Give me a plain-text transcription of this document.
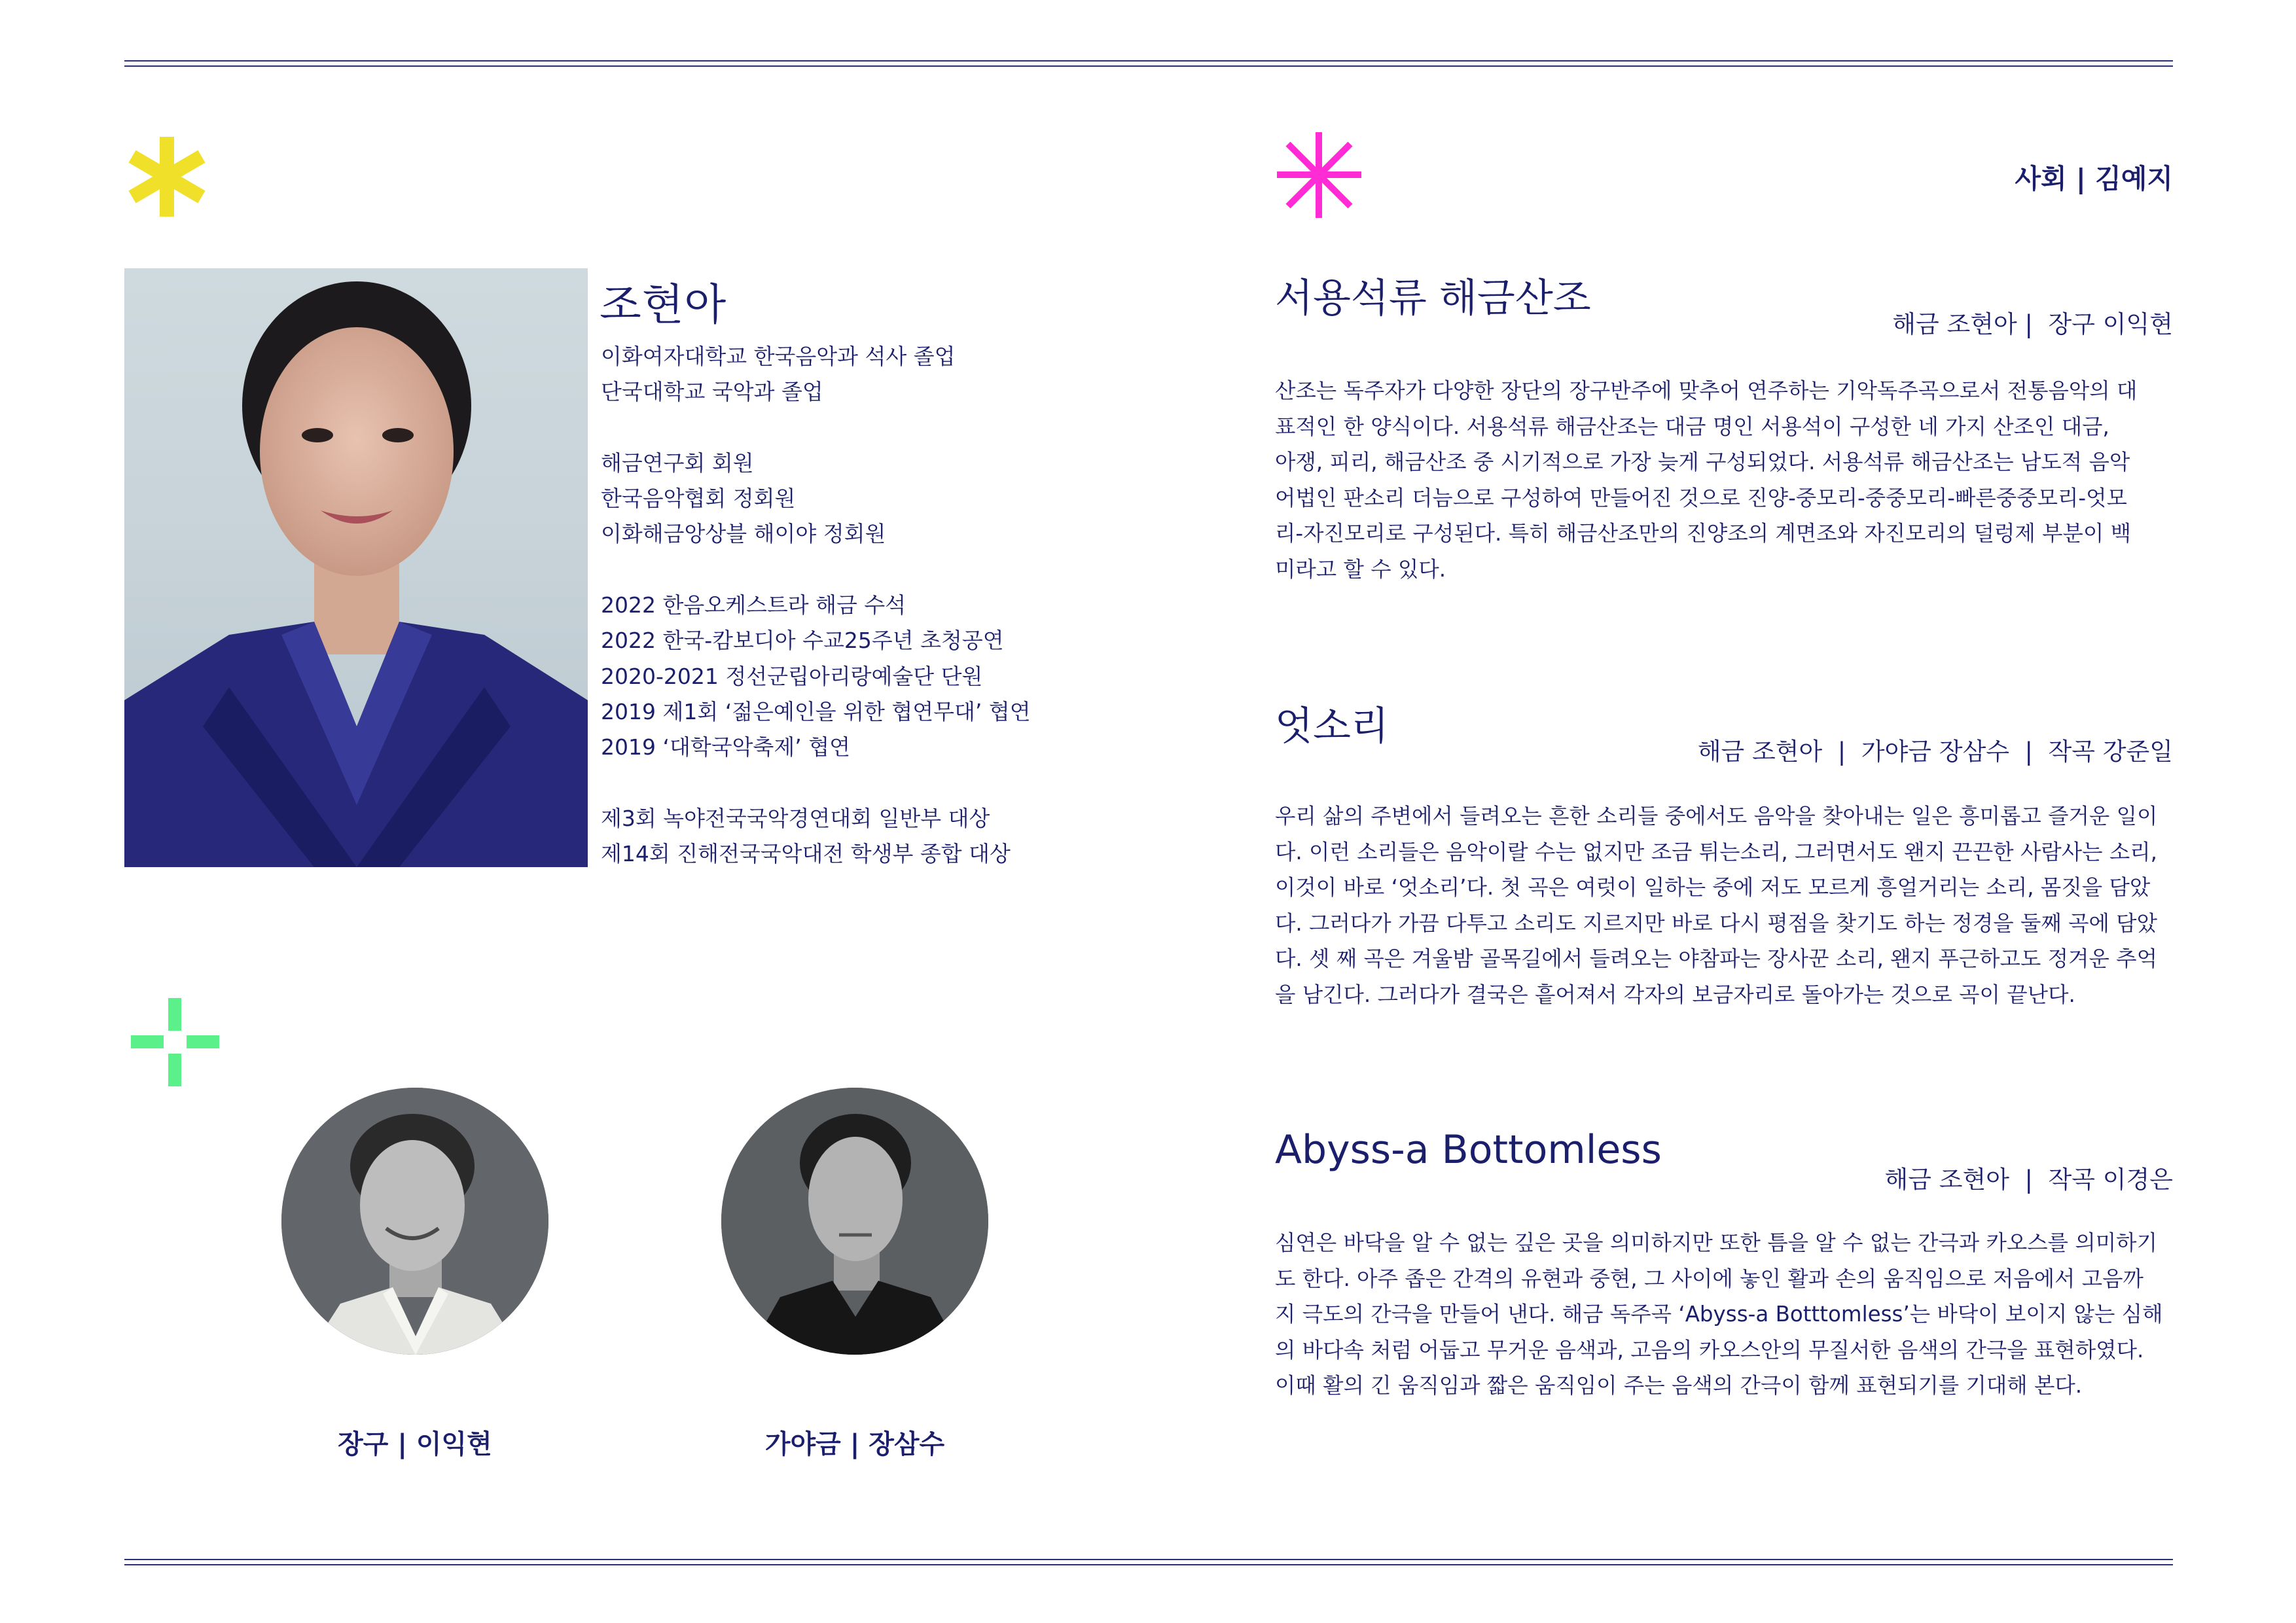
조현아
이화여자대학교 한국음악과 석사 졸업
단국대학교 국악과 졸업
해금연구회 회원
한국음악협회 정회원
이화해금앙상블 해이야 정회원
2022 한음오케스트라 해금 수석
2022 한국-캄보디아 수교25주년 초청공연
2020-2021 정선군립아리랑예술단 단원
2019 제1회 ‘젊은예인을 위한 협연무대’ 협연
2019 ‘대학국악축제’ 협연
제3회 녹야전국국악경연대회 일반부 대상
제14회 진해전국국악대전 학생부 종합 대상
장구 | 이익현	가야금 | 장삼수
사회 | 김예지
서용석류 해금산조
해금 조현아 |  장구 이익현
산조는 독주자가 다양한 장단의 장구반주에 맞추어 연주하는 기악독주곡으로서 전통음악의 대
표적인 한 양식이다. 서용석류 해금산조는 대금 명인 서용석이 구성한 네 가지 산조인 대금,
아쟁, 피리, 해금산조 중 시기적으로 가장 늦게 구성되었다. 서용석류 해금산조는 남도적 음악
어법인 판소리 더늠으로 구성하여 만들어진 것으로 진양-중모리-중중모리-빠른중중모리-엇모
리-자진모리로 구성된다. 특히 해금산조만의 진양조의 계면조와 자진모리의 덜렁제 부분이 백
미라고 할 수 있다.
엇소리
해금 조현아  |  가야금 장삼수  |  작곡 강준일
우리 삶의 주변에서 들려오는 흔한 소리들 중에서도 음악을 찾아내는 일은 흥미롭고 즐거운 일이
다. 이런 소리들은 음악이랄 수는 없지만 조금 튀는소리, 그러면서도 왠지 끈끈한 사람사는 소리,
이것이 바로 ‘엇소리’다. 첫 곡은 여럿이 일하는 중에 저도 모르게 흥얼거리는 소리, 몸짓을 담았
다. 그러다가 가끔 다투고 소리도 지르지만 바로 다시 평점을 찾기도 하는 정경을 둘째 곡에 담았
다. 셋 째 곡은 겨울밤 골목길에서 들려오는 야참파는 장사꾼 소리, 왠지 푸근하고도 정겨운 추억
을 남긴다. 그러다가 결국은 흩어져서 각자의 보금자리로 돌아가는 것으로 곡이 끝난다.
Abyss-a Bottomless
해금 조현아  |  작곡 이경은
심연은 바닥을 알 수 없는 깊은 곳을 의미하지만 또한 틈을 알 수 없는 간극과 카오스를 의미하기
도 한다. 아주 좁은 간격의 유현과 중현, 그 사이에 놓인 활과 손의 움직임으로 저음에서 고음까
지 극도의 간극을 만들어 낸다. 해금 독주곡 ‘Abyss-a Botttomless’는 바닥이 보이지 않는 심해
의 바다속 처럼 어둡고 무거운 음색과, 고음의 카오스안의 무질서한 음색의 간극을 표현하였다.
이때 활의 긴 움직임과 짧은 움직임이 주는 음색의 간극이 함께 표현되기를 기대해 본다.
